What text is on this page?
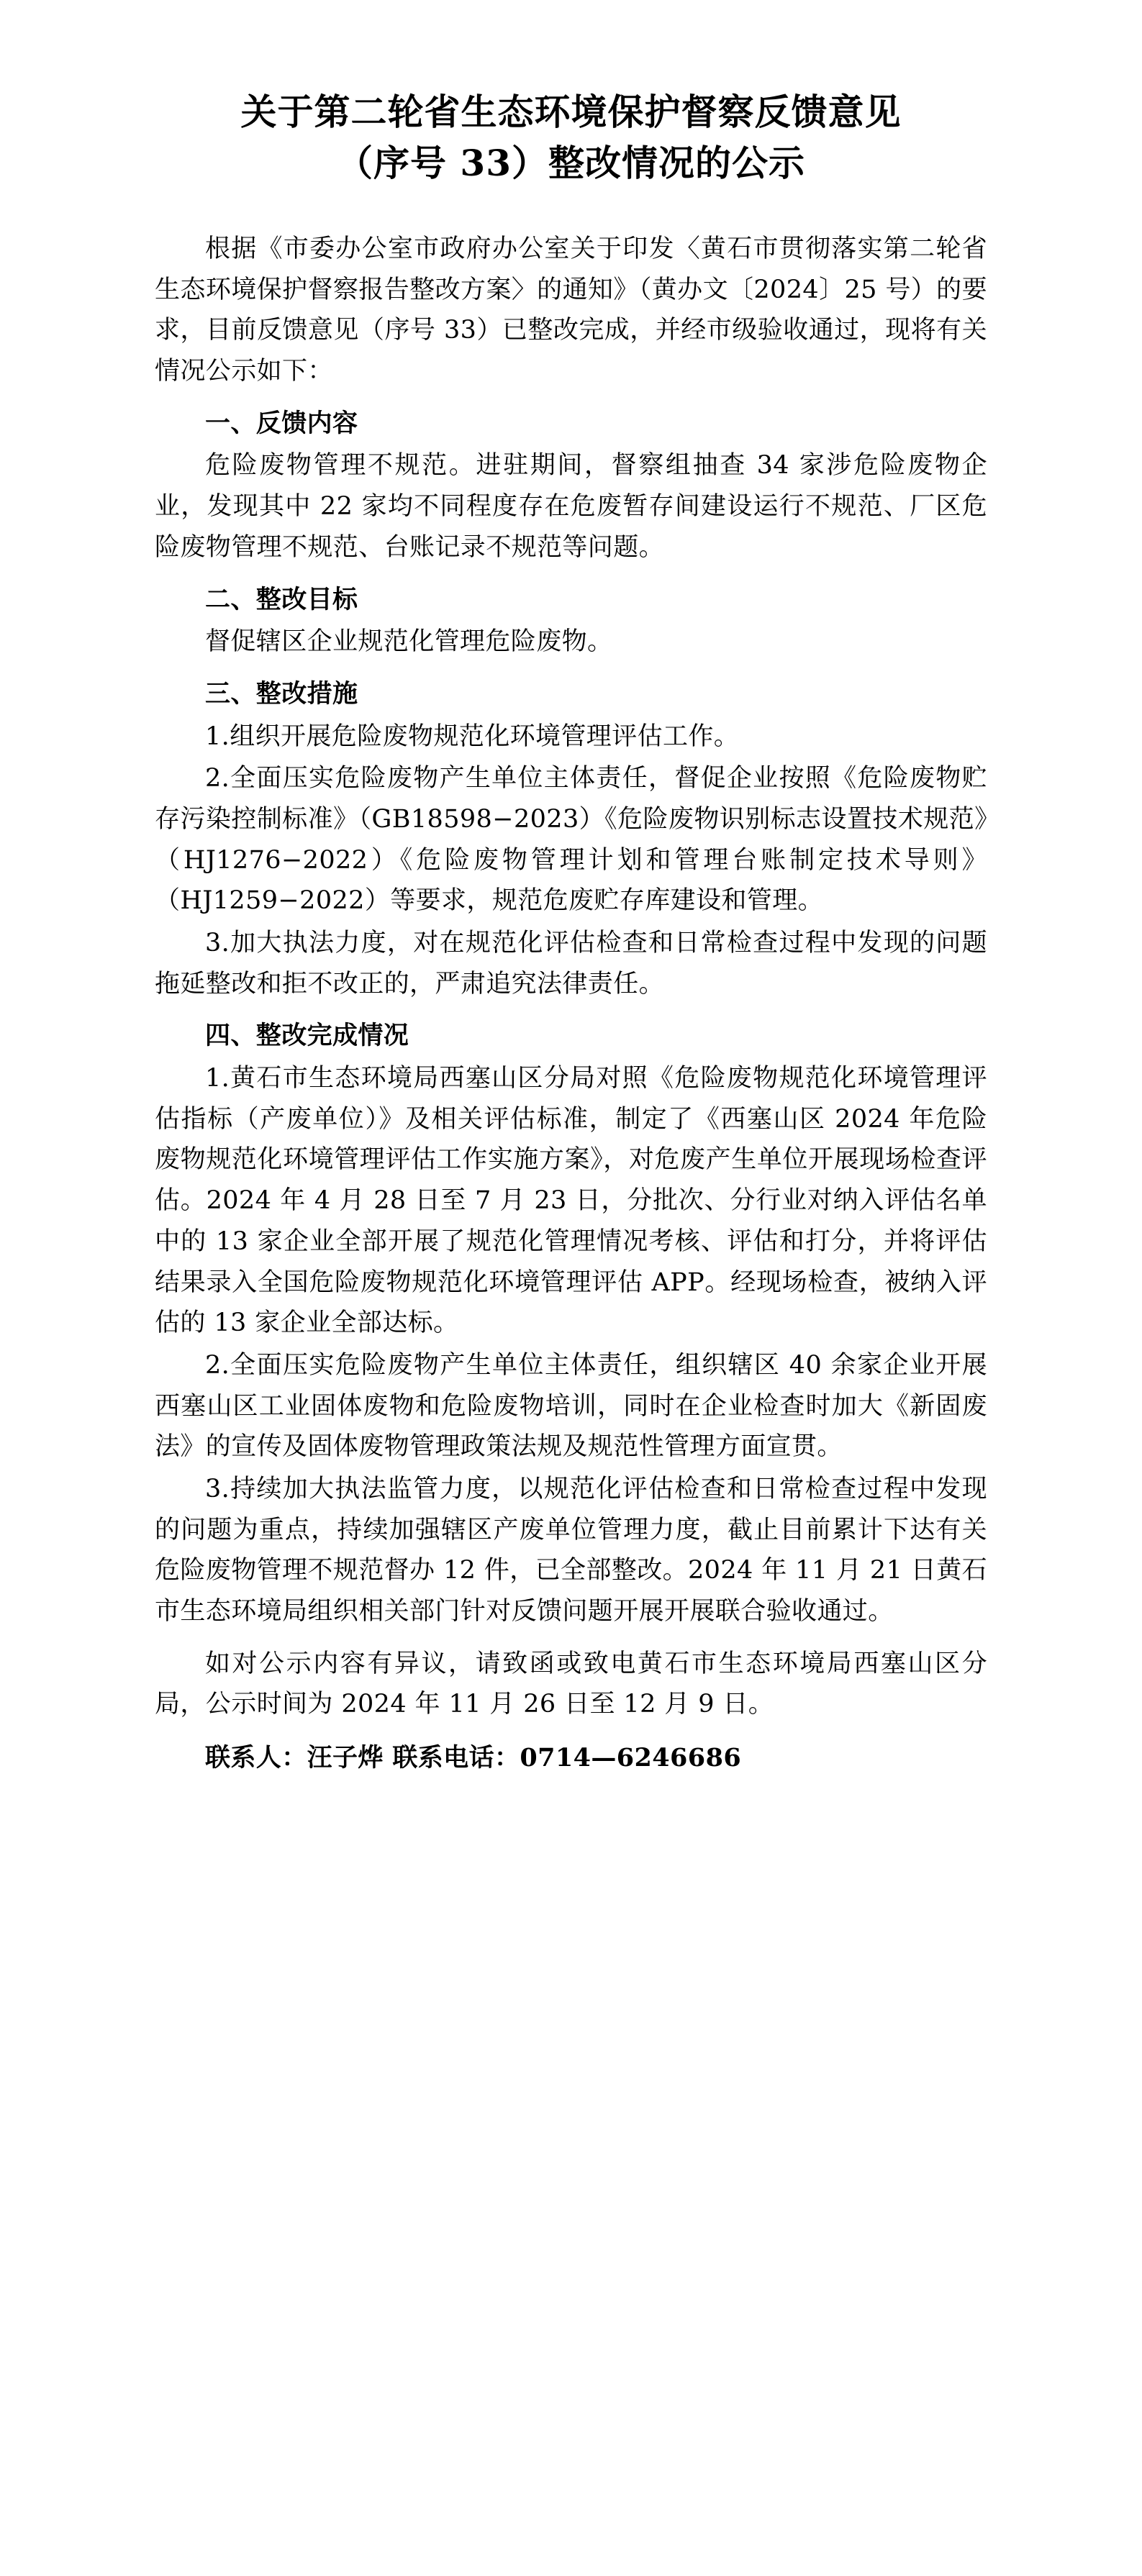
关于第二轮省生态环境保护督察反馈意见
（序号 33）整改情况的公示

根据《市委办公室市政府办公室关于印发〈黄石市贯彻落实第二轮省生态环境保护督察报告整改方案〉的通知》（黄办文〔2024〕25 号）的要求，目前反馈意见（序号 33）已整改完成，并经市级验收通过，现将有关情况公示如下：

一、反馈内容

危险废物管理不规范。进驻期间，督察组抽查 34 家涉危险废物企业，发现其中 22 家均不同程度存在危废暂存间建设运行不规范、厂区危险废物管理不规范、台账记录不规范等问题。

二、整改目标

督促辖区企业规范化管理危险废物。

三、整改措施

1.组织开展危险废物规范化环境管理评估工作。

2.全面压实危险废物产生单位主体责任，督促企业按照《危险废物贮存污染控制标准》（GB18598−2023）《危险废物识别标志设置技术规范》（HJ1276−2022）《危险废物管理计划和管理台账制定技术导则》（HJ1259−2022）等要求，规范危废贮存库建设和管理。

3.加大执法力度，对在规范化评估检查和日常检查过程中发现的问题拖延整改和拒不改正的，严肃追究法律责任。

四、整改完成情况

1.黄石市生态环境局西塞山区分局对照《危险废物规范化环境管理评估指标（产废单位）》及相关评估标准，制定了《西塞山区 2024 年危险废物规范化环境管理评估工作实施方案》，对危废产生单位开展现场检查评估。2024 年 4 月 28 日至 7 月 23 日，分批次、分行业对纳入评估名单中的 13 家企业全部开展了规范化管理情况考核、评估和打分，并将评估结果录入全国危险废物规范化环境管理评估 APP。经现场检查，被纳入评估的 13 家企业全部达标。

2.全面压实危险废物产生单位主体责任，组织辖区 40 余家企业开展西塞山区工业固体废物和危险废物培训，同时在企业检查时加大《新固废法》的宣传及固体废物管理政策法规及规范性管理方面宣贯。

3.持续加大执法监管力度，以规范化评估检查和日常检查过程中发现的问题为重点，持续加强辖区产废单位管理力度，截止目前累计下达有关危险废物管理不规范督办 12 件，已全部整改。2024 年 11 月 21 日黄石市生态环境局组织相关部门针对反馈问题开展开展联合验收通过。

如对公示内容有异议，请致函或致电黄石市生态环境局西塞山区分局，公示时间为 2024 年 11 月 26 日至 12 月 9 日。

联系人：汪子烨 联系电话：0714—6246686
